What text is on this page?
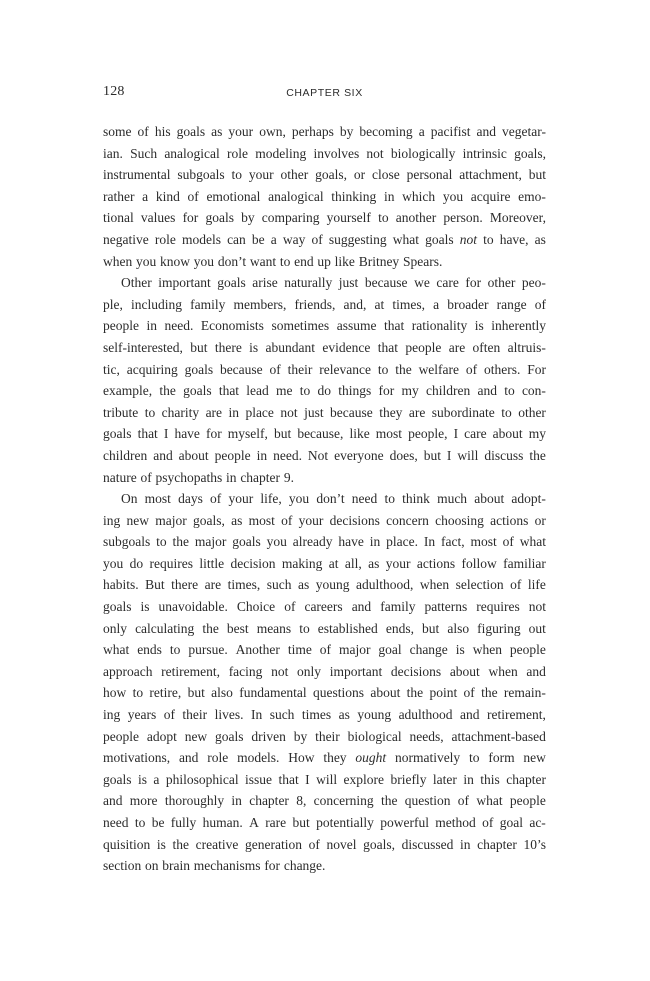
128	CHAPTER SIX
some of his goals as your own, perhaps by becoming a pacifist and vegetar-
ian. Such analogical role modeling involves not biologically intrinsic goals,
instrumental subgoals to your other goals, or close personal attachment, but
rather a kind of emotional analogical thinking in which you acquire emo-
tional values for goals by comparing yourself to another person. Moreover,
negative role models can be a way of suggesting what goals not to have, as
when you know you don’t want to end up like Britney Spears.
Other important goals arise naturally just because we care for other peo-
ple, including family members, friends, and, at times, a broader range of
people in need. Economists sometimes assume that rationality is inherently
self-interested, but there is abundant evidence that people are often altruis-
tic, acquiring goals because of their relevance to the welfare of others. For
example, the goals that lead me to do things for my children and to con-
tribute to charity are in place not just because they are subordinate to other
goals that I have for myself, but because, like most people, I care about my
children and about people in need. Not everyone does, but I will discuss the
nature of psychopaths in chapter 9.
On most days of your life, you don’t need to think much about adopt-
ing new major goals, as most of your decisions concern choosing actions or
subgoals to the major goals you already have in place. In fact, most of what
you do requires little decision making at all, as your actions follow familiar
habits. But there are times, such as young adulthood, when selection of life
goals is unavoidable. Choice of careers and family patterns requires not
only calculating the best means to established ends, but also figuring out
what ends to pursue. Another time of major goal change is when people
approach retirement, facing not only important decisions about when and
how to retire, but also fundamental questions about the point of the remain-
ing years of their lives. In such times as young adulthood and retirement,
people adopt new goals driven by their biological needs, attachment-based
motivations, and role models. How they ought normatively to form new
goals is a philosophical issue that I will explore briefly later in this chapter
and more thoroughly in chapter 8, concerning the question of what people
need to be fully human. A rare but potentially powerful method of goal ac-
quisition is the creative generation of novel goals, discussed in chapter 10’s
section on brain mechanisms for change.
